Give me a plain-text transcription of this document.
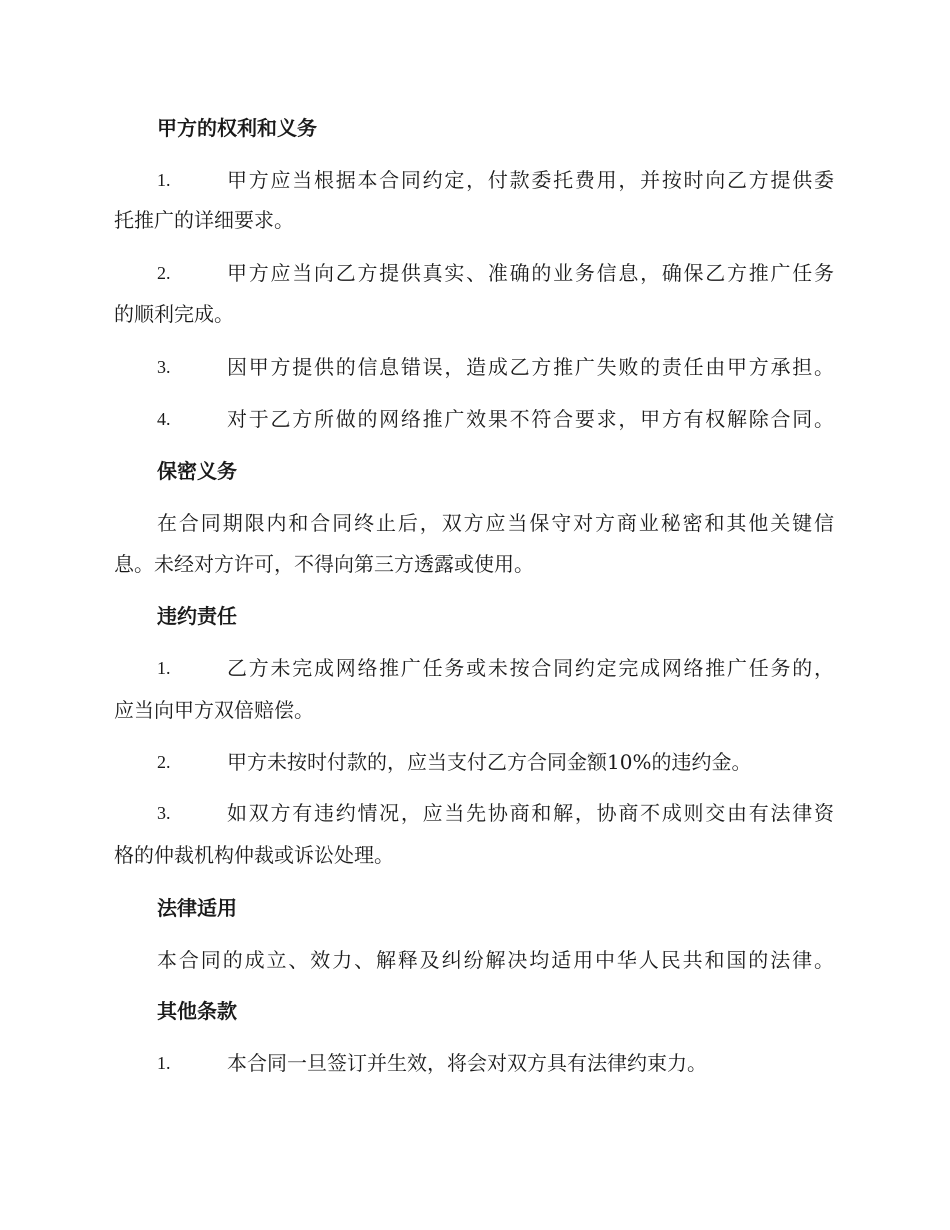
甲方的权利和义务
1.	甲方应当根据本合同约定，付款委托费用，并按时向乙方提供委
托推广的详细要求。
2.	甲方应当向乙方提供真实、准确的业务信息，确保乙方推广任务
的顺利完成。
3.	因甲方提供的信息错误，造成乙方推广失败的责任由甲方承担。
4.	对于乙方所做的网络推广效果不符合要求，甲方有权解除合同。
保密义务
在合同期限内和合同终止后，双方应当保守对方商业秘密和其他关键信
息。未经对方许可，不得向第三方透露或使用。
违约责任
1.	乙方未完成网络推广任务或未按合同约定完成网络推广任务的，
应当向甲方双倍赔偿。
2.	甲方未按时付款的，应当支付乙方合同金额10%的违约金。
3.	如双方有违约情况，应当先协商和解，协商不成则交由有法律资
格的仲裁机构仲裁或诉讼处理。
法律适用
本合同的成立、效力、解释及纠纷解决均适用中华人民共和国的法律。
其他条款
1.	本合同一旦签订并生效，将会对双方具有法律约束力。
